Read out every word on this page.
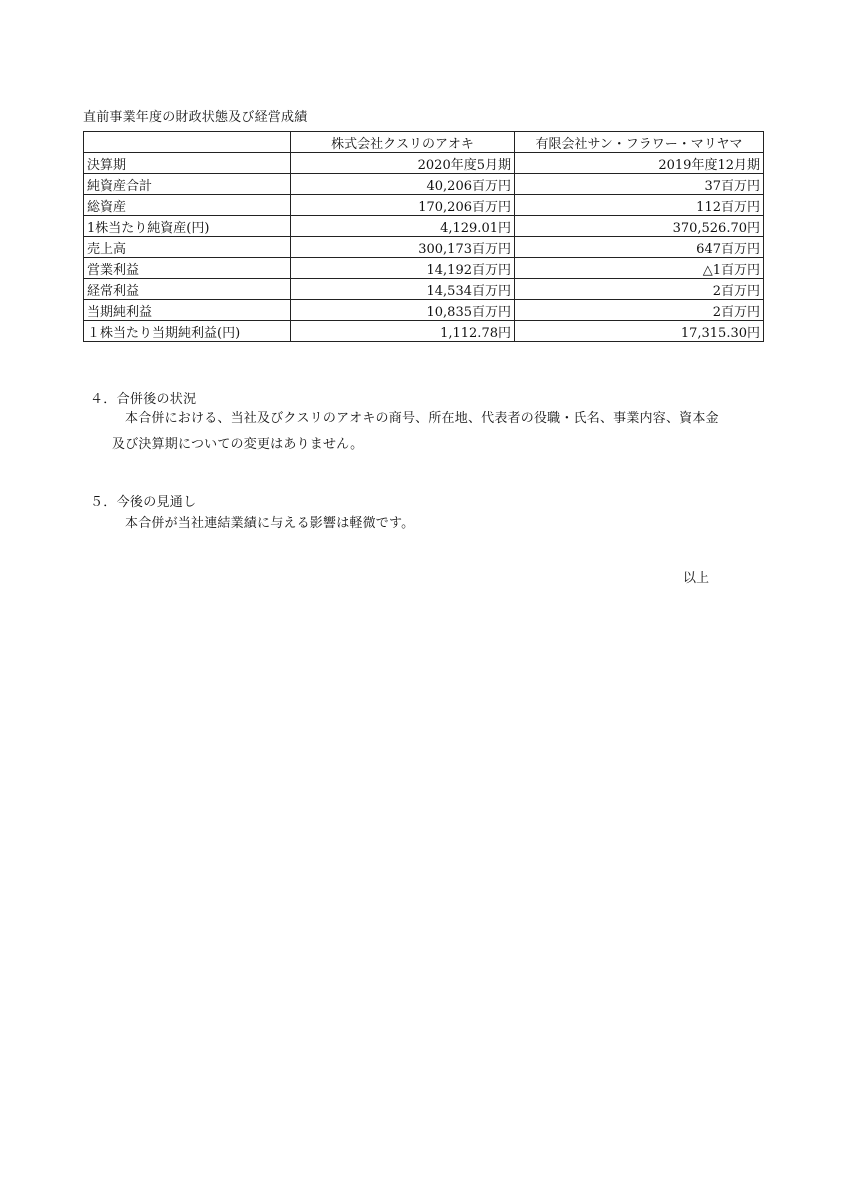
直前事業年度の財政状態及び経営成績
	株式会社クスリのアオキ	有限会社サン・フラワー・マリヤマ
決算期	2020年度5月期	2019年度12月期
純資産合計	40,206百万円	37百万円
総資産	170,206百万円	112百万円
1株当たり純資産(円)	4,129.01円	370,526.70円
売上高	300,173百万円	647百万円
営業利益	14,192百万円	△1百万円
経常利益	14,534百万円	2百万円
当期純利益	10,835百万円	2百万円
１株当たり当期純利益(円)	1,112.78円	17,315.30円
４．合併後の状況
本合併における、当社及びクスリのアオキの商号、所在地、代表者の役職・氏名、事業内容、資本金
及び決算期についての変更はありません。
５．今後の見通し
本合併が当社連結業績に与える影響は軽微です。
以上
